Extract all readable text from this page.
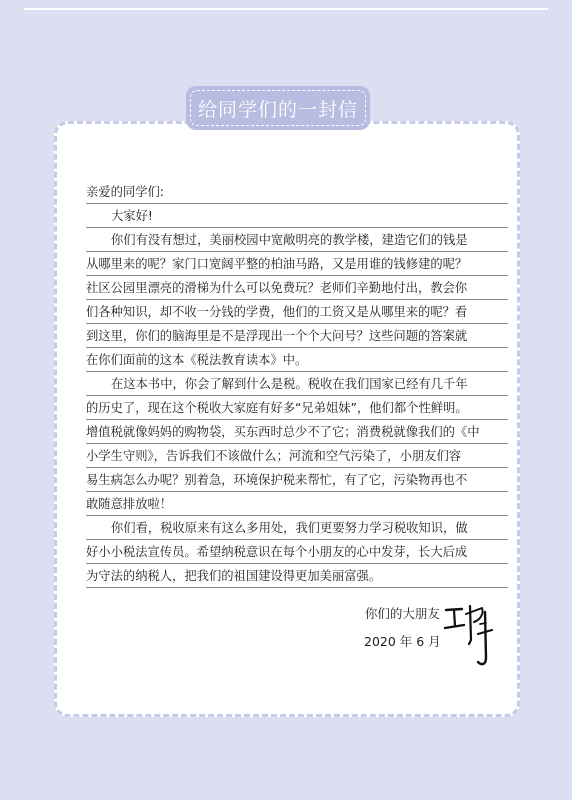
给同学们的一封信
亲爱的同学们:
大家好!
你们有没有想过，美丽校园中宽敞明亮的教学楼，建造它们的钱是
从哪里来的呢？家门口宽阔平整的柏油马路，又是用谁的钱修建的呢？
社区公园里漂亮的滑梯为什么可以免费玩？老师们辛勤地付出，教会你
们各种知识，却不收一分钱的学费，他们的工资又是从哪里来的呢？看
到这里，你们的脑海里是不是浮现出一个个大问号？这些问题的答案就
在你们面前的这本《税法教育读本》中。
在这本书中，你会了解到什么是税。税收在我们国家已经有几千年
的历史了，现在这个税收大家庭有好多“兄弟姐妹”，他们都个性鲜明。
增值税就像妈妈的购物袋，买东西时总少不了它；消费税就像我们的《中
小学生守则》，告诉我们不该做什么；河流和空气污染了，小朋友们容
易生病怎么办呢？别着急，环境保护税来帮忙，有了它，污染物再也不
敢随意排放啦！
你们看，税收原来有这么多用处，我们更要努力学习税收知识，做
好小小税法宣传员。希望纳税意识在每个小朋友的心中发芽，长大后成
为守法的纳税人，把我们的祖国建设得更加美丽富强。
你们的大朋友
2020 年 6 月
